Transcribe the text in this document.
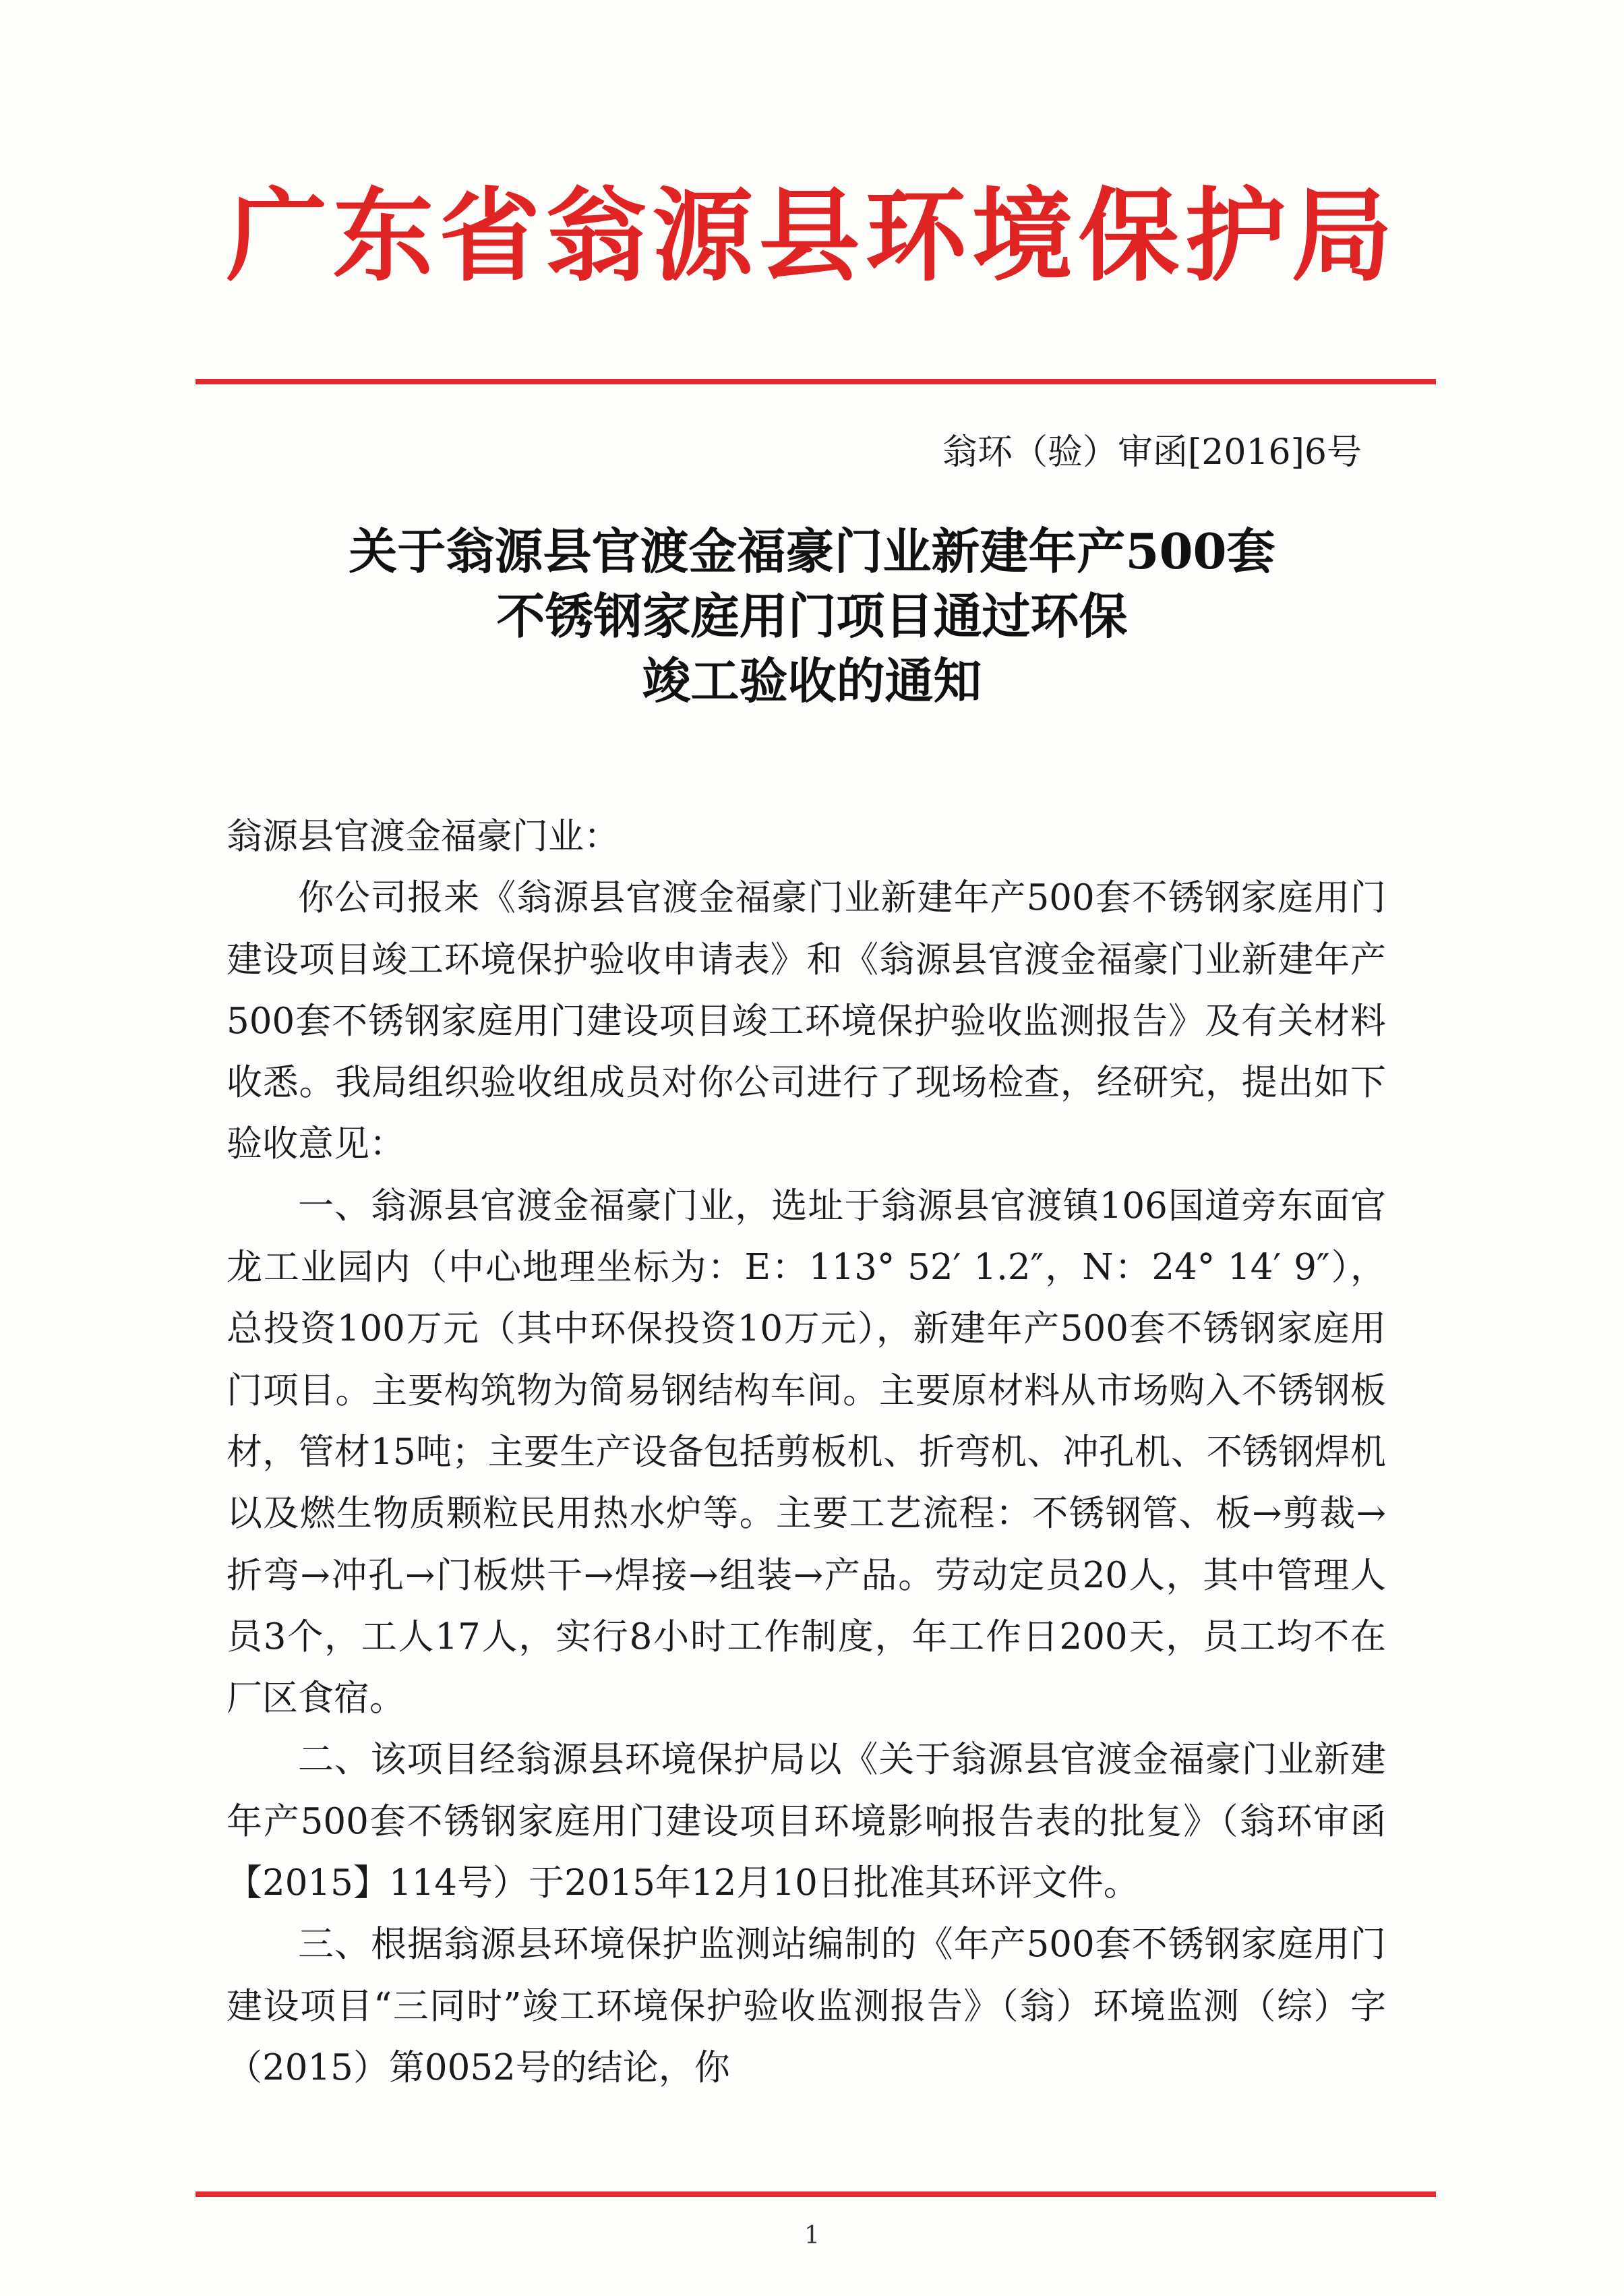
广东省翁源县环境保护局
翁环（验）审函[2016]6号
关于翁源县官渡金福豪门业新建年产500套
不锈钢家庭用门项目通过环保
竣工验收的通知

翁源县官渡金福豪门业：

你公司报来《翁源县官渡金福豪门业新建年产500套不锈钢家庭用门建设项目竣工环境保护验收申请表》和《翁源县官渡金福豪门业新建年产500套不锈钢家庭用门建设项目竣工环境保护验收监测报告》及有关材料收悉。我局组织验收组成员对你公司进行了现场检查，经研究，提出如下验收意见：

一、翁源县官渡金福豪门业，选址于翁源县官渡镇106国道旁东面官龙工业园内（中心地理坐标为：E：113° 52′ 1.2″，N：24° 14′ 9″），总投资100万元（其中环保投资10万元），新建年产500套不锈钢家庭用门项目。主要构筑物为简易钢结构车间。主要原材料从市场购入不锈钢板材，管材15吨；主要生产设备包括剪板机、折弯机、冲孔机、不锈钢焊机以及燃生物质颗粒民用热水炉等。主要工艺流程：不锈钢管、板→剪裁→折弯→冲孔→门板烘干→焊接→组装→产品。劳动定员20人，其中管理人员3个，工人17人，实行8小时工作制度，年工作日200天，员工均不在厂区食宿。

二、该项目经翁源县环境保护局以《关于翁源县官渡金福豪门业新建年产500套不锈钢家庭用门建设项目环境影响报告表的批复》（翁环审函【2015】114号）于2015年12月10日批准其环评文件。

三、根据翁源县环境保护监测站编制的《年产500套不锈钢家庭用门建设项目“三同时”竣工环境保护验收监测报告》（翁）环境监测（综）字（2015）第0052号的结论，你

1
